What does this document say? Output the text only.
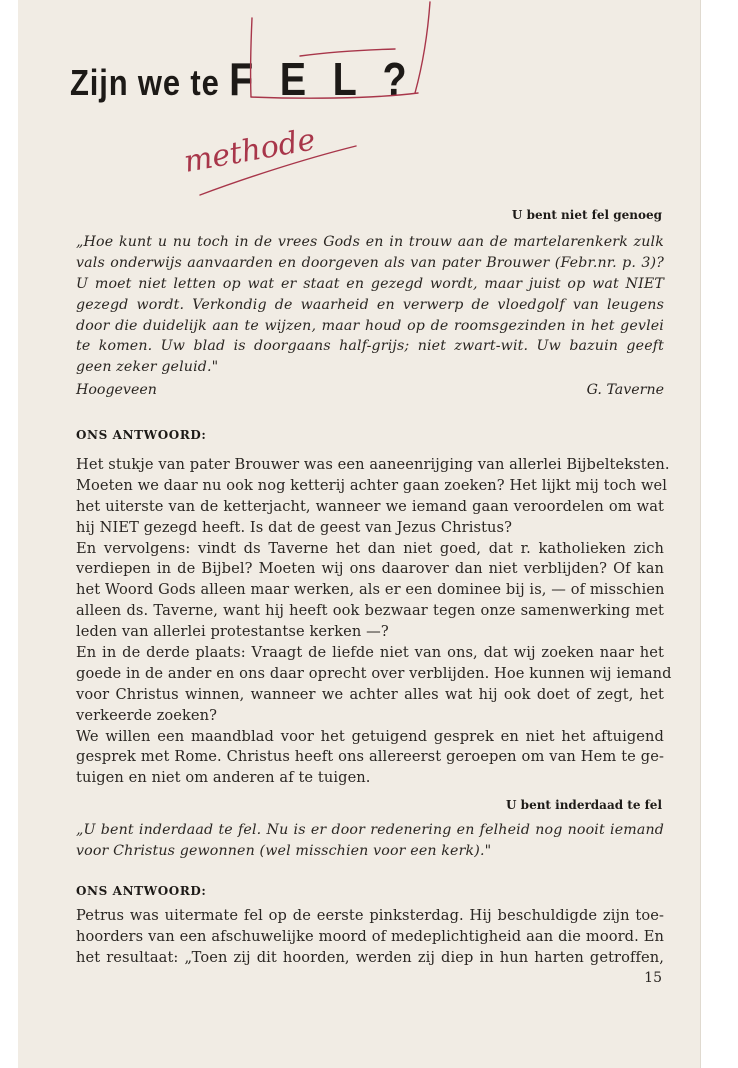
Zijn we te F E L ?
methode
U bent niet fel genoeg
„Hoe kunt u nu toch in de vrees Gods en in trouw aan de martelarenkerk zulk
vals onderwijs aanvaarden en doorgeven als van pater Brouwer (Febr.nr. p. 3)?
U moet niet letten op wat er staat en gezegd wordt, maar juist op wat NIET
gezegd wordt. Verkondig de waarheid en verwerp de vloedgolf van leugens
door die duidelijk aan te wijzen, maar houd op de roomsgezinden in het gevlei
te komen. Uw blad is doorgaans half-grijs; niet zwart-wit. Uw bazuin geeft
geen zeker geluid."
Hoogeveen	G. Taverne
ONS ANTWOORD:
Het stukje van pater Brouwer was een aaneenrijging van allerlei Bijbelteksten.
Moeten we daar nu ook nog ketterij achter gaan zoeken? Het lijkt mij toch wel
het uiterste van de ketterjacht, wanneer we iemand gaan veroordelen om wat
hij NIET gezegd heeft. Is dat de geest van Jezus Christus?
En vervolgens: vindt ds Taverne het dan niet goed, dat r. katholieken zich
verdiepen in de Bijbel? Moeten wij ons daarover dan niet verblijden? Of kan
het Woord Gods alleen maar werken, als er een dominee bij is, — of misschien
alleen ds. Taverne, want hij heeft ook bezwaar tegen onze samenwerking met
leden van allerlei protestantse kerken —?
En in de derde plaats: Vraagt de liefde niet van ons, dat wij zoeken naar het
goede in de ander en ons daar oprecht over verblijden. Hoe kunnen wij iemand
voor Christus winnen, wanneer we achter alles wat hij ook doet of zegt, het
verkeerde zoeken?
We willen een maandblad voor het getuigend gesprek en niet het aftuigend
gesprek met Rome. Christus heeft ons allereerst geroepen om van Hem te ge-
tuigen en niet om anderen af te tuigen.
U bent inderdaad te fel
„U bent inderdaad te fel. Nu is er door redenering en felheid nog nooit iemand
voor Christus gewonnen (wel misschien voor een kerk)."
ONS ANTWOORD:
Petrus was uitermate fel op de eerste pinksterdag. Hij beschuldigde zijn toe-
hoorders van een afschuwelijke moord of medeplichtigheid aan die moord. En
het resultaat: „Toen zij dit hoorden, werden zij diep in hun harten getroffen,
15
